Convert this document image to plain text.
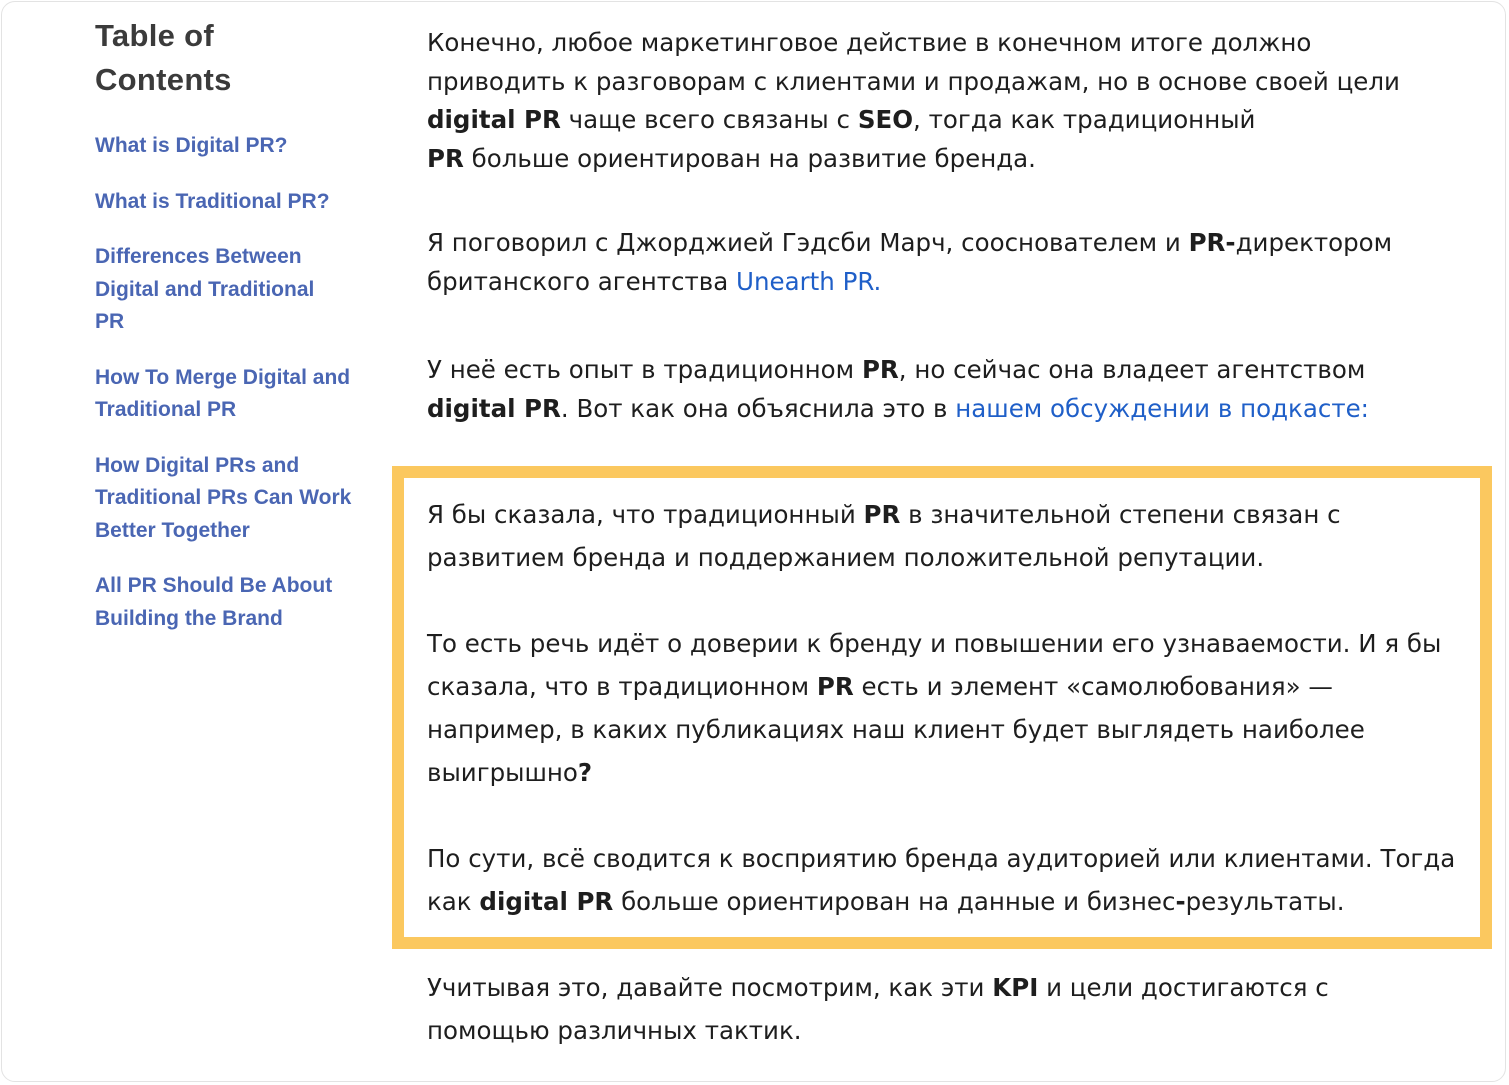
Table of Contents
What is Digital PR?
What is Traditional PR?
Differences Between Digital and Traditional PR
How To Merge Digital and Traditional PR
How Digital PRs and Traditional PRs Can Work Better Together
All PR Should Be About Building the Brand

Конечно, любое маркетинговое действие в конечном итоге должно приводить к разговорам с клиентами и продажам, но в основе своей цели digital PR чаще всего связаны с SEO, тогда как традиционный
PR больше ориентирован на развитие бренда.

Я поговорил с Джорджией Гэдсби Марч, сооснователем и PR-директором британского агентства Unearth PR.

У неё есть опыт в традиционном PR, но сейчас она владеет агентством digital PR. Вот как она объяснила это в нашем обсуждении в подкасте:

Я бы сказала, что традиционный PR в значительной степени связан с развитием бренда и поддержанием положительной репутации.

То есть речь идёт о доверии к бренду и повышении его узнаваемости. И я бы сказала, что в традиционном PR есть и элемент «самолюбования» — например, в каких публикациях наш клиент будет выглядеть наиболее выигрышно?

По сути, всё сводится к восприятию бренда аудиторией или клиентами. Тогда как digital PR больше ориентирован на данные и бизнес-результаты.

Учитывая это, давайте посмотрим, как эти KPI и цели достигаются с помощью различных тактик.
